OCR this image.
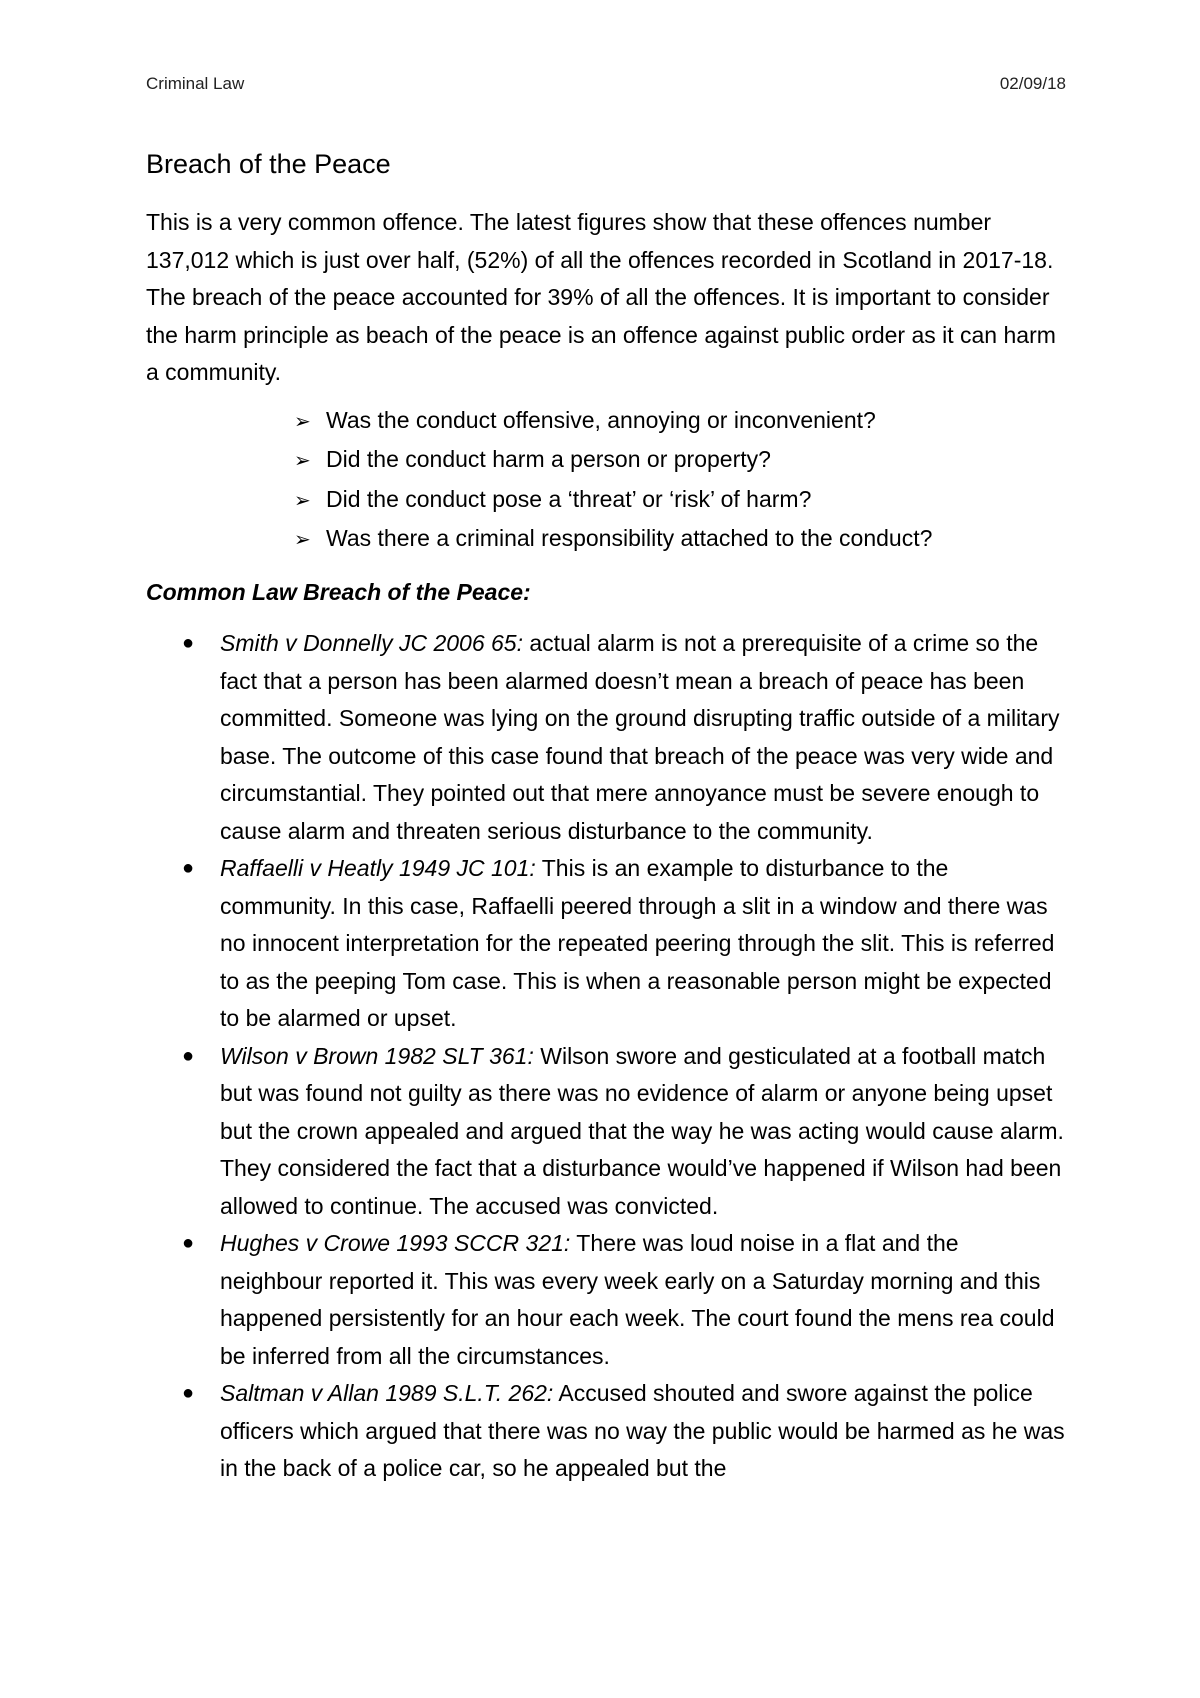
Criminal Law	02/09/18
Breach of the Peace

This is a very common offence. The latest figures show that these offences number 137,012 which is just over half, (52%) of all the offences recorded in Scotland in 2017-18. The breach of the peace accounted for 39% of all the offences. It is important to consider the harm principle as beach of the peace is an offence against public order as it can harm a community.

➢ Was the conduct offensive, annoying or inconvenient?
➢ Did the conduct harm a person or property?
➢ Did the conduct pose a ‘threat’ or ‘risk’ of harm?
➢ Was there a criminal responsibility attached to the conduct?
Common Law Breach of the Peace:
● Smith v Donnelly JC 2006 65: actual alarm is not a prerequisite of a crime so the fact that a person has been alarmed doesn’t mean a breach of peace has been committed. Someone was lying on the ground disrupting traffic outside of a military base. The outcome of this case found that breach of the peace was very wide and circumstantial. They pointed out that mere annoyance must be severe enough to cause alarm and threaten serious disturbance to the community.
● Raffaelli v Heatly 1949 JC 101: This is an example to disturbance to the community. In this case, Raffaelli peered through a slit in a window and there was no innocent interpretation for the repeated peering through the slit. This is referred to as the peeping Tom case. This is when a reasonable person might be expected to be alarmed or upset.
● Wilson v Brown 1982 SLT 361: Wilson swore and gesticulated at a football match but was found not guilty as there was no evidence of alarm or anyone being upset but the crown appealed and argued that the way he was acting would cause alarm. They considered the fact that a disturbance would’ve happened if Wilson had been allowed to continue. The accused was convicted.
● Hughes v Crowe 1993 SCCR 321: There was loud noise in a flat and the neighbour reported it. This was every week early on a Saturday morning and this happened persistently for an hour each week. The court found the mens rea could be inferred from all the circumstances.
● Saltman v Allan 1989 S.L.T. 262: Accused shouted and swore against the police officers which argued that there was no way the public would be harmed as he was in the back of a police car, so he appealed but the
